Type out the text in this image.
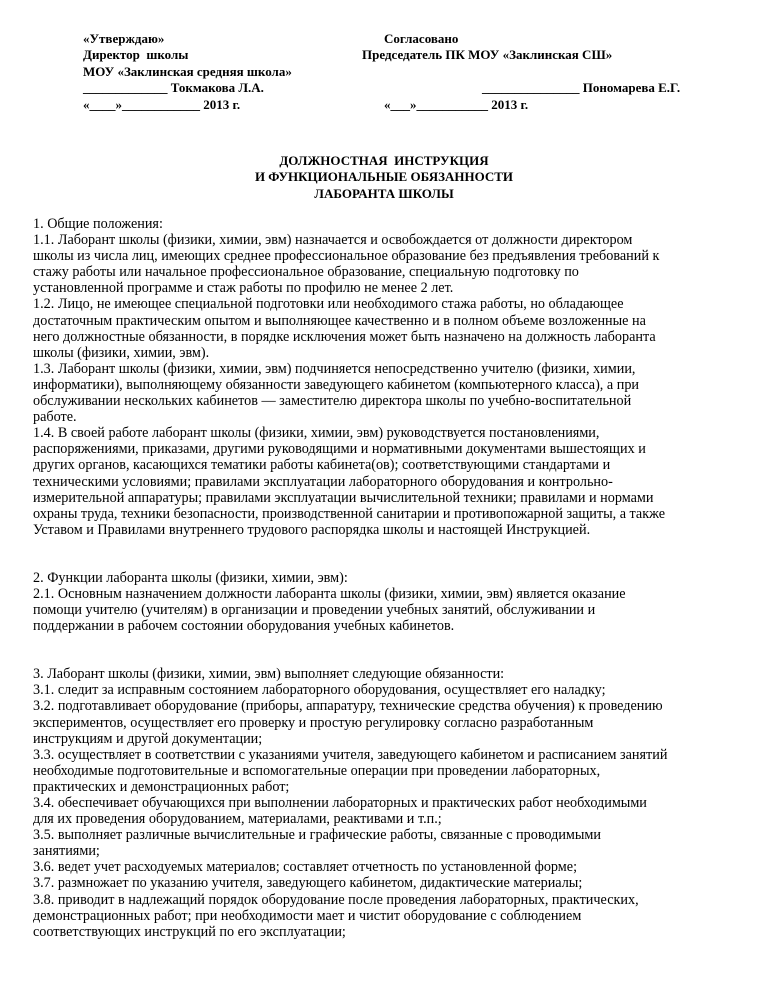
«Утверждаю»
Директор  школы
МОУ «Заклинская средняя школа»
_____________ Токмакова Л.А.
«____»____________ 2013 г.
Согласовано
Председатель ПК МОУ «Заклинская СШ»
_______________ Пономарева Е.Г.
«___»___________ 2013 г.
ДОЛЖНОСТНАЯ  ИНСТРУКЦИЯ
И ФУНКЦИОНАЛЬНЫЕ ОБЯЗАННОСТИ
ЛАБОРАНТА ШКОЛЫ
1. Общие положения:
1.1. Лаборант школы (физики, химии, эвм) назначается и освобождается от должности директором
школы из числа лиц, имеющих среднее профессиональное образование без предъявления требований к
стажу работы или начальное профессиональное образование, специальную подготовку по
установленной программе и стаж работы по профилю не менее 2 лет.
1.2. Лицо, не имеющее специальной подготовки или необходимого стажа работы, но обладающее
достаточным практическим опытом и выполняющее качественно и в полном объеме возложенные на
него должностные обязанности, в порядке исключения может быть назначено на должность лаборанта
школы (физики, химии, эвм).
1.3. Лаборант школы (физики, химии, эвм) подчиняется непосредственно учителю (физики, химии,
информатики), выполняющему обязанности заведующего кабинетом (компьютерного класса), а при
обслуживании нескольких кабинетов — заместителю директора школы по учебно-воспитательной
работе.
1.4. В своей работе лаборант школы (физики, химии, эвм) руководствуется постановлениями,
распоряжениями, приказами, другими руководящими и нормативными документами вышестоящих и
других органов, касающихся тематики работы кабинета(ов); соответствующими стандартами и
техническими условиями; правилами эксплуатации лабораторного оборудования и контрольно-
измерительной аппаратуры; правилами эксплуатации вычислительной техники; правилами и нормами
охраны труда, техники безопасности, производственной санитарии и противопожарной защиты, а также
Уставом и Правилами внутреннего трудового распорядка школы и настоящей Инструкцией.
2. Функции лаборанта школы (физики, химии, эвм):
2.1. Основным назначением должности лаборанта школы (физики, химии, эвм) является оказание
помощи учителю (учителям) в организации и проведении учебных занятий, обслуживании и
поддержании в рабочем состоянии оборудования учебных кабинетов.
3. Лаборант школы (физики, химии, эвм) выполняет следующие обязанности:
3.1. следит за исправным состоянием лабораторного оборудования, осуществляет его наладку;
3.2. подготавливает оборудование (приборы, аппаратуру, технические средства обучения) к проведению
экспериментов, осуществляет его проверку и простую регулировку согласно разработанным
инструкциям и другой документации;
3.3. осуществляет в соответствии с указаниями учителя, заведующего кабинетом и расписанием занятий
необходимые подготовительные и вспомогательные операции при проведении лабораторных,
практических и демонстрационных работ;
3.4. обеспечивает обучающихся при выполнении лабораторных и практических работ необходимыми
для их проведения оборудованием, материалами, реактивами и т.п.;
3.5. выполняет различные вычислительные и графические работы, связанные с проводимыми
занятиями;
3.6. ведет учет расходуемых материалов; составляет отчетность по установленной форме;
3.7. размножает по указанию учителя, заведующего кабинетом, дидактические материалы;
3.8. приводит в надлежащий порядок оборудование после проведения лабораторных, практических,
демонстрационных работ; при необходимости мает и чистит оборудование с соблюдением
соответствующих инструкций по его эксплуатации;
